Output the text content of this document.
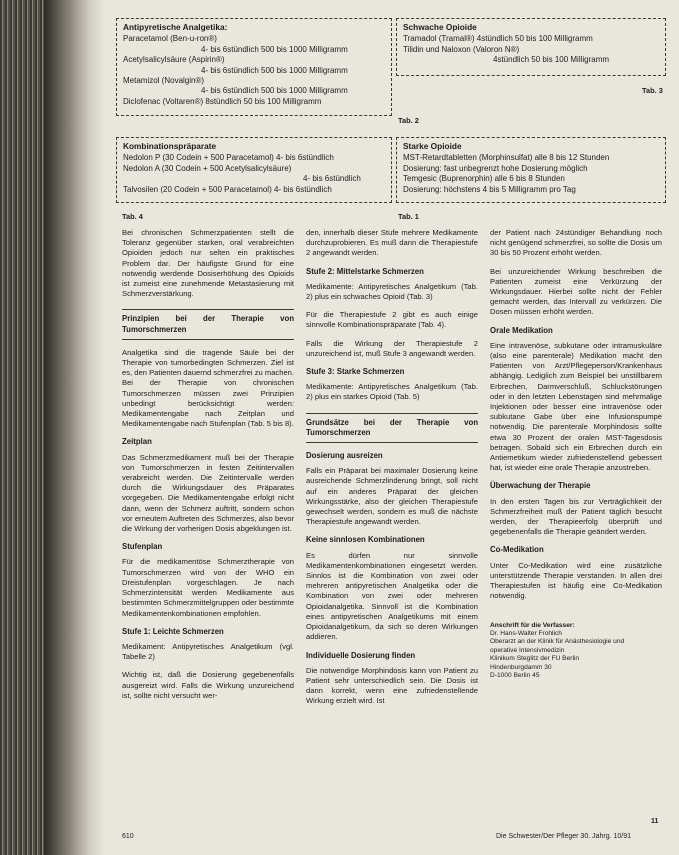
Antipyretische Analgetika:
Paracetamol (Ben-u-ron®)
4- bis 6stündlich 500 bis 1000 Milligramm
Acetylsalicylsäure (Aspirin®)
4- bis 6stündlich 500 bis 1000 Milligramm
Metamizol (Novalgin®)
4- bis 6stündlich 500 bis 1000 Milligramm
Diclofenac (Voltaren®) 8stündlich 50 bis 100 Milligramm
Schwache Opioide
Tramadol (Tramal®) 4stündlich 50 bis 100 Milligramm
Tilidin und Naloxon (Valoron N®)
4stündlich 50 bis 100 Milligramm
Tab. 3
Tab. 2
Kombinationspräparate
Nedolon P (30 Codein + 500 Paracetamol) 4- bis 6stündlich
Nedolon A (30 Codein + 500 Acetylsalicylsäure)
4- bis 6stündlich
Talvosilen (20 Codein + 500 Paracetamol) 4- bis 6stündlich
Starke Opioide
MST-Retardtabletten (Morphinsulfat) alle 8 bis 12 Stunden
Dosierung: fast unbegrenzt hohe Dosierung möglich
Temgesic (Buprenorphin) alle 6 bis 8 Stunden
Dosierung: höchstens 4 bis 5 Milligramm pro Tag
Tab. 4	Tab. 1

Bei chronischen Schmerzpatienten stellt die Toleranz gegenüber starken, oral verabreichten Opioiden jedoch nur selten ein praktisches Problem dar. Der häufigste Grund für eine notwendig werdende Dosiserhöhung des Opioids ist zumeist eine zunehmende Metastasierung mit Schmerzverstärkung.

Prinzipien bei der Therapie von Tumorschmerzen

Analgetika sind die tragende Säule bei der Therapie von tumorbedingten Schmerzen. Ziel ist es, den Patienten dauernd schmerzfrei zu machen. Bei der Therapie von chronischen Tumorschmerzen müssen zwei Prinzipien unbedingt berücksichtigt werden: Medikamentengabe nach Zeitplan und Medikamentengabe nach Stufenplan (Tab. 5 bis 8).

Zeitplan

Das Schmerzmedikament muß bei der Therapie von Tumorschmerzen in festen Zeitintervallen verabreicht werden. Die Zeitintervalle werden durch die Wirkungsdauer des Präparates vorgegeben. Die Medikamentengabe erfolgt nicht dann, wenn der Schmerz auftritt, sondern schon vor erneutem Auftreten des Schmerzes, also bevor die Wirkung der vorherigen Dosis abgeklungen ist.

Stufenplan

Für die medikamentöse Schmerztherapie von Tumorschmerzen wird von der WHO ein Dreistufenplan vorgeschlagen. Je nach Schmerzintensität werden Medikamente aus bestimmten Schmerzmittelgruppen oder bestimmte Medikamentenkombinationen empfohlen.

Stufe 1: Leichte Schmerzen

Medikament: Antipyretisches Analgetikum (vgl. Tabelle 2)

Wichtig ist, daß die Dosierung gegebenenfalls ausgereizt wird. Falls die Wirkung unzureichend ist, sollte nicht versucht wer-

den, innerhalb dieser Stufe mehrere Medikamente durchzuprobieren. Es muß dann die Therapiestufe 2 angewandt werden.

Stufe 2: Mittelstarke Schmerzen

Medikamente: Antipyretisches Analgetikum (Tab. 2) plus ein schwaches Opioid (Tab. 3)

Für die Therapiestufe 2 gibt es auch einige sinnvolle Kombinationspräparate (Tab. 4).

Falls die Wirkung der Therapiestufe 2 unzureichend ist, muß Stufe 3 angewandt werden.

Stufe 3: Starke Schmerzen

Medikamente: Antipyretisches Analgetikum (Tab. 2) plus ein starkes Opioid (Tab. 5)

Grundsätze bei der Therapie von Tumorschmerzen
Dosierung ausreizen

Falls ein Präparat bei maximaler Dosierung keine ausreichende Schmerzlinderung bringt, soll nicht auf ein anderes Präparat der gleichen Wirkungsstärke, also der gleichen Therapiestufe gewechselt werden, sondern es muß die nächste Therapiestufe angewandt werden.

Keine sinnlosen Kombinationen

Es dürfen nur sinnvolle Medikamentenkombinationen eingesetzt werden. Sinnlos ist die Kombination von zwei oder mehreren antipyretischen Analgetika oder die Kombination von zwei oder mehreren Opioidanalgetika. Sinnvoll ist die Kombination eines antipyretischen Analgetikums mit einem Opioidanalgetikum, da sich so deren Wirkungen addieren.

Individuelle Dosierung finden

Die notwendige Morphindosis kann von Patient zu Patient sehr unterschiedlich sein. Die Dosis ist dann korrekt, wenn eine zufriedenstellende Wirkung erzielt wird. Ist

der Patient nach 24stündiger Behandlung noch nicht genügend schmerzfrei, so sollte die Dosis um 30 bis 50 Prozent erhöht werden.

Bei unzureichender Wirkung beschreiben die Patienten zumeist eine Verkürzung der Wirkungsdauer. Hierbei sollte nicht der Fehler gemacht werden, das Intervall zu verkürzen. Die Dosen müssen erhöht werden.

Orale Medikation

Eine intravenöse, subkutane oder intramuskuläre (also eine parenterale) Medikation macht den Patienten von Arzt/Pflegeperson/Krankenhaus abhängig. Lediglich zum Beispiel bei unstillbarem Erbrechen, Darmverschluß, Schluckstörungen oder in den letzten Lebenstagen sind mehrmalige Injektionen oder besser eine intravenöse oder subkutane Gabe über eine Infusionspumpe notwendig. Die parenterale Morphindosis sollte etwa 30 Prozent der oralen MST-Tagesdosis betragen. Sobald sich ein Erbrechen durch ein Antiemetikum wieder zufriedenstellend gebessert hat, ist wieder eine orale Therapie anzustreben.

Überwachung der Therapie

In den ersten Tagen bis zur Verträglichkeit der Schmerzfreiheit muß der Patient täglich besucht werden, der Therapieerfolg überprüft und gegebenenfalls die Therapie geändert werden.

Co-Medikation

Unter Co-Medikation wird eine zusätzliche unterstützende Therapie verstanden. In allen drei Therapiestufen ist häufig eine Co-Medikation notwendig.

Anschrift für die Verfasser:
Dr. Hans-Walter Frohlich
Oberarzt an der Klinik für Anästhesiologie und
operative Intensivmedizin
Klinikum Steglitz der FU Berlin
Hindenburgdamm 30
D-1000 Berlin 45
610	Die Schwester/Der Pfleger 30. Jahrg. 10/91
11
